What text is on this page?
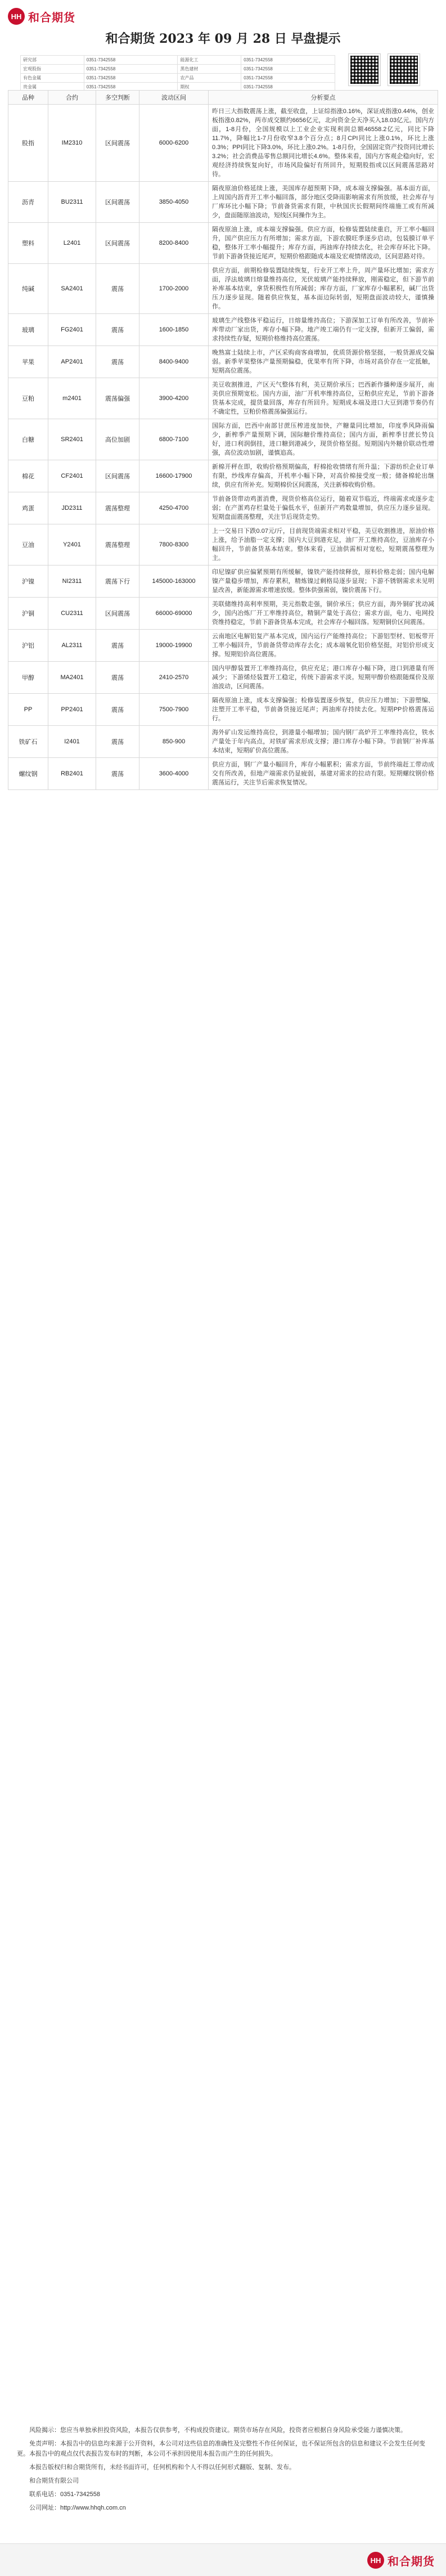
HH 和合期货
和合期货 2023 年 09 月 28 日 早盘提示
研究部	0351-7342558	能源化工	0351-7342558
宏观股指	0351-7342558	黑色建材	0351-7342558
有色金属	0351-7342558	农产品	0351-7342558
贵金属	0351-7342558	期权	0351-7342558
品种	合约	多空判断	波动区间	分析要点
股指	IM2310	区间震荡	6000-6200	昨日三大指数震荡上涨，截至收盘，上证综指涨0.16%，深证成指涨0.44%，创业板指涨0.82%，两市成交额约6656亿元，北向资金全天净买入18.03亿元。国内方面，1-8月份，全国规模以上工业企业实现利润总额46558.2亿元，同比下降11.7%，降幅比1-7月份收窄3.8个百分点；8月CPI同比上涨0.1%，环比上涨0.3%；PPI同比下降3.0%，环比上涨0.2%。1-8月份，全国固定资产投资同比增长3.2%；社会消费品零售总额同比增长4.6%。整体来看，国内方客观企稳向好，宏观经济持续恢复向好，市场风险偏好有所回升，短期股指或以区间震荡思路对待。
沥青	BU2311	区间震荡	3850-4050	隔夜原油价格延续上涨，美国库存超预期下降，成本端支撑偏强。基本面方面，上周国内沥青开工率小幅回落，部分地区受降雨影响需求有所放缓，社会库存与厂库环比小幅下降；节前备货需求有限，中秋国庆长假期间终端施工或有所减少，盘面随原油波动，短线区间操作为主。
塑料	L2401	区间震荡	8200-8400	隔夜原油上涨，成本端支撑偏强。供应方面，检修装置陆续重启，开工率小幅回升，国产供应压力有所增加；需求方面，下游农膜旺季逐步启动，包装膜订单平稳，整体开工率小幅提升；库存方面，两油库存持续去化，社会库存环比下降。节前下游备货接近尾声，短期价格跟随成本端及宏观情绪波动，区间思路对待。
纯碱	SA2401	震荡	1700-2000	供应方面，前期检修装置陆续恢复，行业开工率上升，周产量环比增加；需求方面，浮法玻璃日熔量维持高位，光伏玻璃产能持续释放，刚需稳定，但下游节前补库基本结束，拿货积极性有所减弱；库存方面，厂家库存小幅累积，碱厂出货压力逐步显现。随着供应恢复，基本面边际转弱，短期盘面波动较大，谨慎操作。
玻璃	FG2401	震荡	1600-1850	玻璃生产线整体平稳运行，日熔量维持高位；下游深加工订单有所改善，节前补库带动厂家出货，库存小幅下降。地产竣工端仍有一定支撑，但新开工偏弱，需求持续性存疑，短期价格维持高位震荡。
苹果	AP2401	震荡	8400-9400	晚熟富士陆续上市，产区采购商客商增加，优质货源价格坚挺，一般货源成交偏弱。新季苹果整体产量预期偏稳，优果率有所下降，市场对高价存在一定抵触，短期高位震荡。
豆粕	m2401	震荡偏强	3900-4200	美豆收割推进，产区天气整体有利，美豆期价承压；巴西新作播种逐步展开，南美供应预期宽松。国内方面，油厂开机率维持高位，豆粕供应充足，节前下游备货基本完成，提货量回落，库存有所回升。短期成本端及进口大豆到港节奏仍有不确定性，豆粕价格震荡偏强运行。
白糖	SR2401	高位加剧	6800-7100	国际方面，巴西中南部甘蔗压榨进度加快，产糖量同比增加，印度季风降雨偏少，新榨季产量预期下调，国际糖价维持高位；国内方面，新榨季甘蔗长势良好，进口利润倒挂，进口糖到港减少，现货价格坚挺。短期国内外糖价联动性增强，高位波动加剧，谨慎追高。
棉花	CF2401	区间震荡	16600-17900	新棉开秤在即，收购价格预期偏高，籽棉抢收情绪有所升温；下游纺织企业订单有限，纱线库存偏高，开机率小幅下降，对高价棉接受度一般；储备棉轮出继续，供应有所补充。短期棉价区间震荡，关注新棉收购价格。
鸡蛋	JD2311	震荡整理	4250-4700	节前备货带动鸡蛋消费，现货价格高位运行，随着双节临近，终端需求或逐步走弱；在产蛋鸡存栏量处于偏低水平，但新开产鸡数量增加，供应压力逐步显现。短期盘面震荡整理，关注节后现货走势。
豆油	Y2401	震荡整理	7800-8300	上一交易日下跌0.07元/斤，目前现货端需求相对平稳，美豆收割推进，原油价格上涨，给予油脂一定支撑；国内大豆到港充足，油厂开工维持高位，豆油库存小幅回升，节前备货基本结束。整体来看，豆油供需相对宽松，短期震荡整理为主。
沪镍	NI2311	震荡下行	145000-163000	印尼镍矿供应偏紧预期有所缓解，镍铁产能持续释放，原料价格走弱；国内电解镍产量稳步增加，库存累积，精炼镍过剩格局逐步显现；下游不锈钢需求未见明显改善，新能源需求增速放缓。整体供强需弱，镍价震荡下行。
沪铜	CU2311	区间震荡	66000-69000	美联储维持高利率预期，美元指数走强，铜价承压；供应方面，海外铜矿扰动减少，国内冶炼厂开工率维持高位，精铜产量处于高位；需求方面，电力、电网投资维持稳定，节前下游备货基本完成，社会库存小幅回落。短期铜价区间震荡。
沪铝	AL2311	震荡	19000-19900	云南地区电解铝复产基本完成，国内运行产能维持高位；下游铝型材、铝板带开工率小幅回升，节前备货带动库存去化；成本端氧化铝价格坚挺，对铝价形成支撑。短期铝价高位震荡。
甲醇	MA2401	震荡	2410-2570	国内甲醇装置开工率维持高位，供应充足；港口库存小幅下降，进口到港量有所减少；下游烯烃装置开工稳定，传统下游需求平淡。短期甲醇价格跟随煤价及原油波动，区间震荡。
PP	PP2401	震荡	7500-7900	隔夜原油上涨，成本支撑偏强；检修装置逐步恢复，供应压力增加；下游塑编、注塑开工率平稳，节前备货接近尾声；两油库存持续去化。短期PP价格震荡运行。
铁矿石	I2401	震荡	850-900	海外矿山发运维持高位，到港量小幅增加；国内钢厂高炉开工率维持高位，铁水产量处于年内高点，对铁矿需求形成支撑；港口库存小幅下降。节前钢厂补库基本结束，短期矿价高位震荡。
螺纹钢	RB2401	震荡	3600-4000	供应方面，钢厂产量小幅回升，库存小幅累积；需求方面，节前终端赶工带动成交有所改善，但地产端需求仍显疲弱，基建对需求的拉动有限。短期螺纹钢价格震荡运行，关注节后需求恢复情况。

风险揭示：您应当单独承担投资风险，本报告仅供参考，不构成投资建议。期货市场存在风险，投资者应根据自身风险承受能力谨慎决策。

免责声明：本报告中的信息均来源于公开资料，本公司对这些信息的准确性及完整性不作任何保证，也不保证所包含的信息和建议不会发生任何变更。本报告中的观点仅代表报告发布时的判断，本公司不承担因使用本报告而产生的任何损失。

本报告版权归和合期货所有，未经书面许可，任何机构和个人不得以任何形式翻版、复制、发布。

和合期货有限公司

联系电话：0351-7342558

公司网址：http://www.hhqh.com.cn

HH 和合期货
